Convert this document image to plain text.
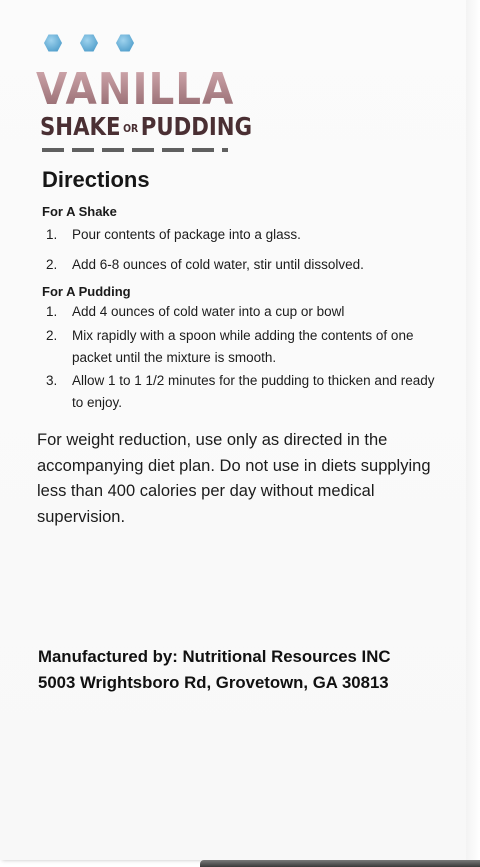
VANILLA
SHAKE OR PUDDING
Directions
For A Shake
1.	Pour contents of package into a glass.
2.	Add 6-8 ounces of cold water, stir until dissolved.
For A Pudding
1.	Add 4 ounces of cold water into a cup or bowl
2.	Mix rapidly with a spoon while adding the contents of one packet until the mixture is smooth.
3.	Allow 1 to 1 1/2 minutes for the pudding to thicken and ready to enjoy.
For weight reduction, use only as directed in the accompanying diet plan. Do not use in diets supplying less than 400 calories per day without medical supervision.
Manufactured by: Nutritional Resources INC
5003 Wrightsboro Rd, Grovetown, GA 30813
